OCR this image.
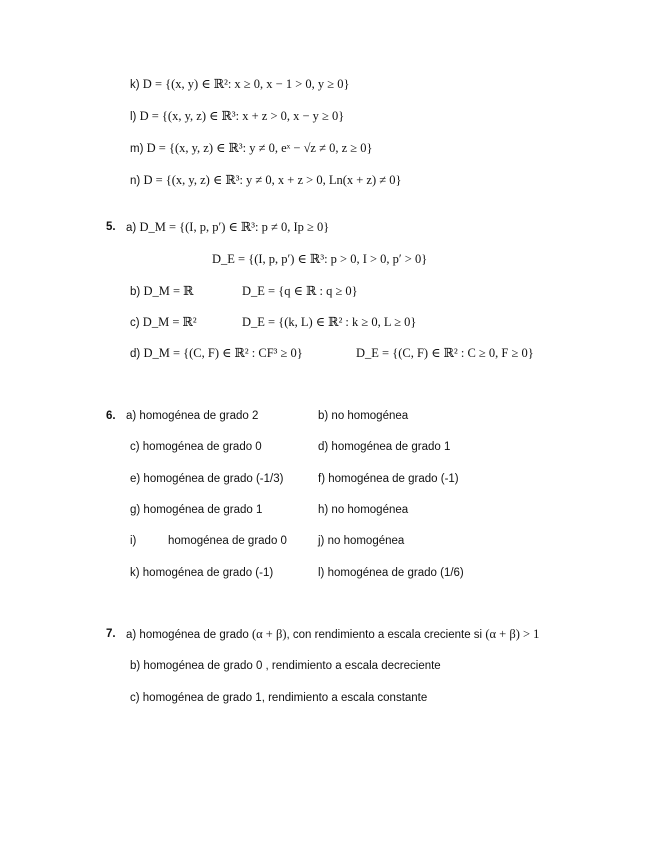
k) D = {(x, y) ∈ ℝ²: x ≥ 0, x − 1 > 0, y ≥ 0}
l) D = {(x, y, z) ∈ ℝ³: x + z > 0, x − y ≥ 0}
m) D = {(x, y, z) ∈ ℝ³: y ≠ 0, eˣ − √z ≠ 0, z ≥ 0}
n) D = {(x, y, z) ∈ ℝ³: y ≠ 0, x + z > 0, Ln(x + z) ≠ 0}
5. a) D_M = {(I, p, p′) ∈ ℝ³: p ≠ 0, Ip ≥ 0}
D_E = {(I, p, p′) ∈ ℝ³: p > 0, I > 0, p′ > 0}
b) D_M = ℝ	D_E = {q ∈ ℝ : q ≥ 0}
c) D_M = ℝ²	D_E = {(k, L) ∈ ℝ² : k ≥ 0, L ≥ 0}
d) D_M = {(C, F) ∈ ℝ² : CF³ ≥ 0}	D_E = {(C, F) ∈ ℝ² : C ≥ 0, F ≥ 0}
6. a) homogénea de grado 2	b) no homogénea
c) homogénea de grado 0	d) homogénea de grado 1
e) homogénea de grado (-1/3)	f) homogénea de grado (-1)
g) homogénea de grado 1	h) no homogénea
i)	homogénea de grado 0	j) no homogénea
k) homogénea de grado (-1)	l) homogénea de grado (1/6)
7. a) homogénea de grado (α + β), con rendimiento a escala creciente si (α + β) > 1
b) homogénea de grado 0 , rendimiento a escala decreciente
c) homogénea de grado 1, rendimiento a escala constante
